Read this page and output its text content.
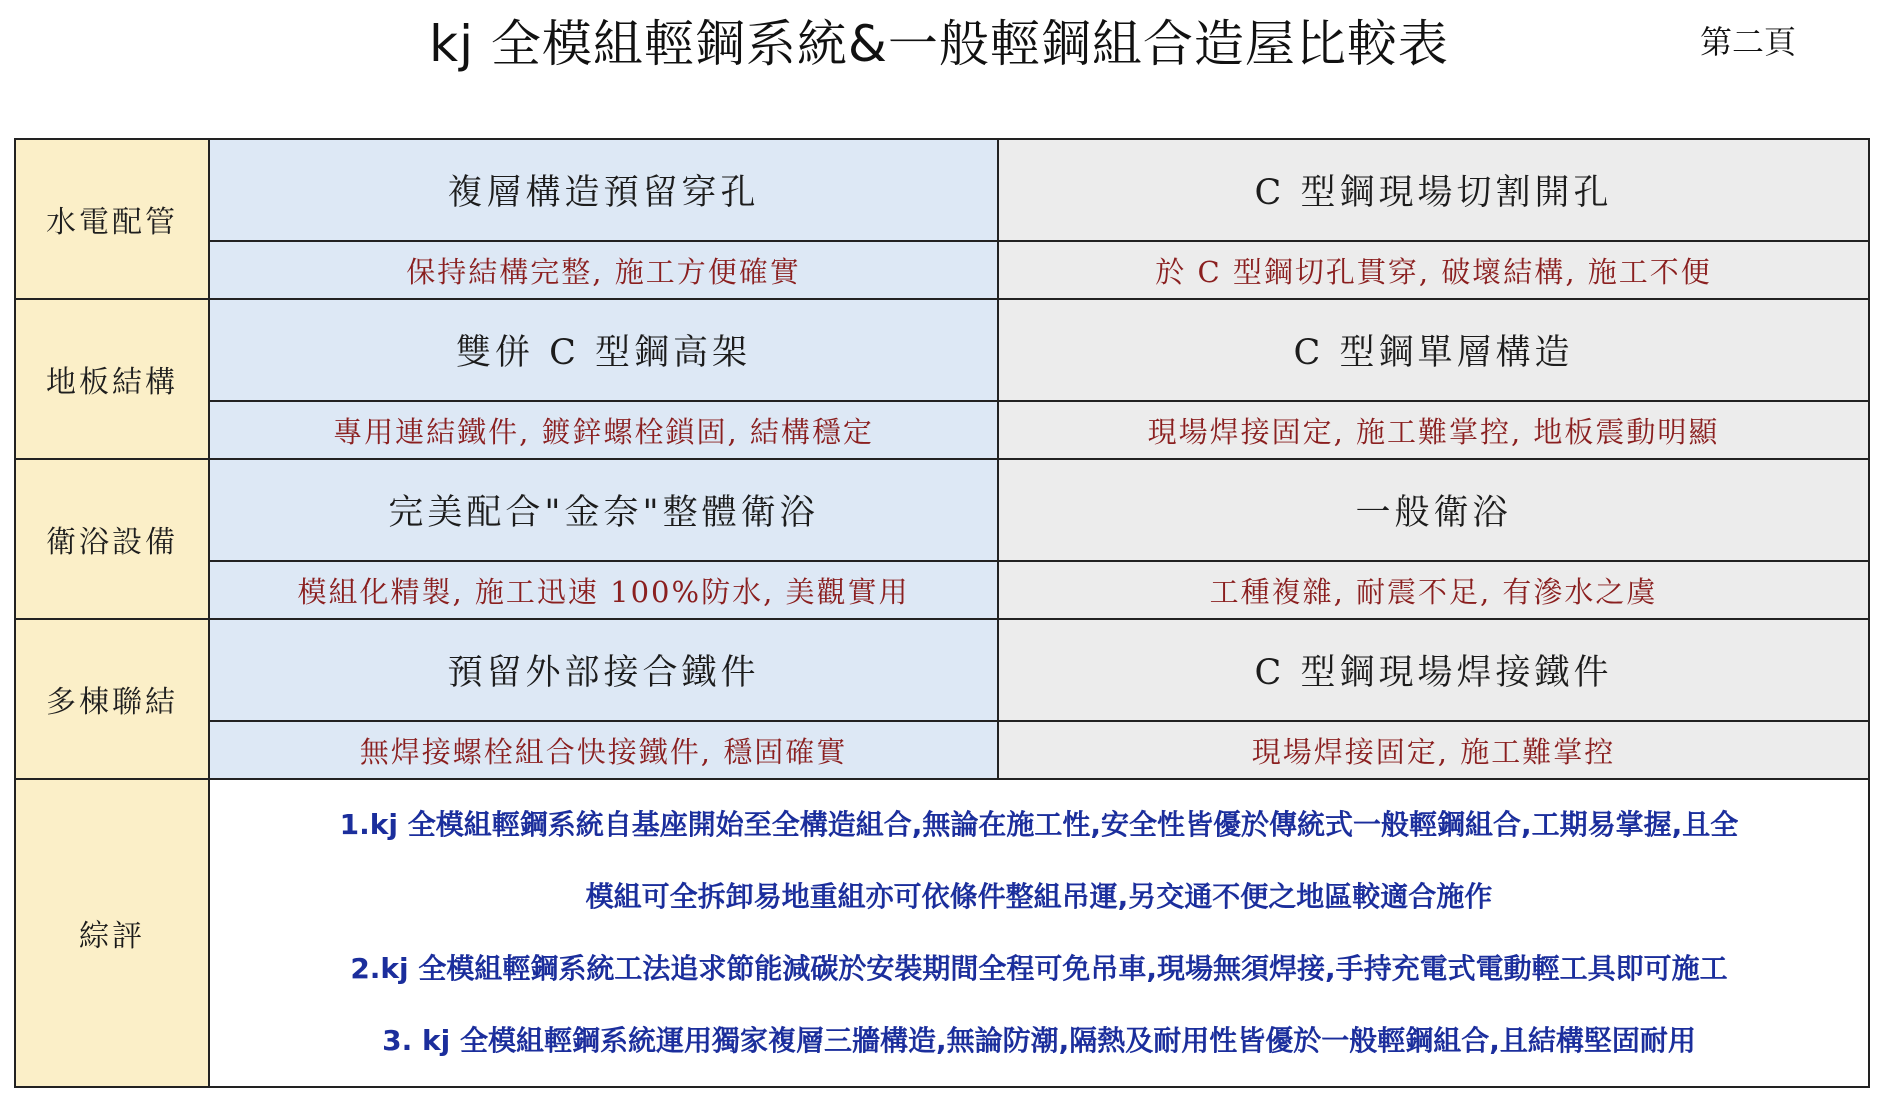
kj 全模組輕鋼系統&一般輕鋼組合造屋比較表	第二頁
水電配管	複層構造預留穿孔	C 型鋼現場切割開孔
	保持結構完整, 施工方便確實	於 C 型鋼切孔貫穿, 破壞結構, 施工不便
地板結構	雙併 C 型鋼高架	C 型鋼單層構造
	專用連結鐵件, 鍍鋅螺栓鎖固, 結構穩定	現場焊接固定, 施工難掌控, 地板震動明顯
衛浴設備	完美配合"金奈"整體衛浴	一般衛浴
	模組化精製, 施工迅速 100%防水, 美觀實用	工種複雜, 耐震不足, 有滲水之虞
多棟聯結	預留外部接合鐵件	C 型鋼現場焊接鐵件
	無焊接螺栓組合快接鐵件, 穩固確實	現場焊接固定, 施工難掌控
綜評	1.kj 全模組輕鋼系統自基座開始至全構造組合,無論在施工性,安全性皆優於傳統式一般輕鋼組合,工期易掌握,且全
模組可全拆卸易地重組亦可依條件整組吊運,另交通不便之地區較適合施作
2.kj 全模組輕鋼系統工法追求節能減碳於安裝期間全程可免吊車,現場無須焊接,手持充電式電動輕工具即可施工
3. kj 全模組輕鋼系統運用獨家複層三牆構造,無論防潮,隔熱及耐用性皆優於一般輕鋼組合,且結構堅固耐用	
